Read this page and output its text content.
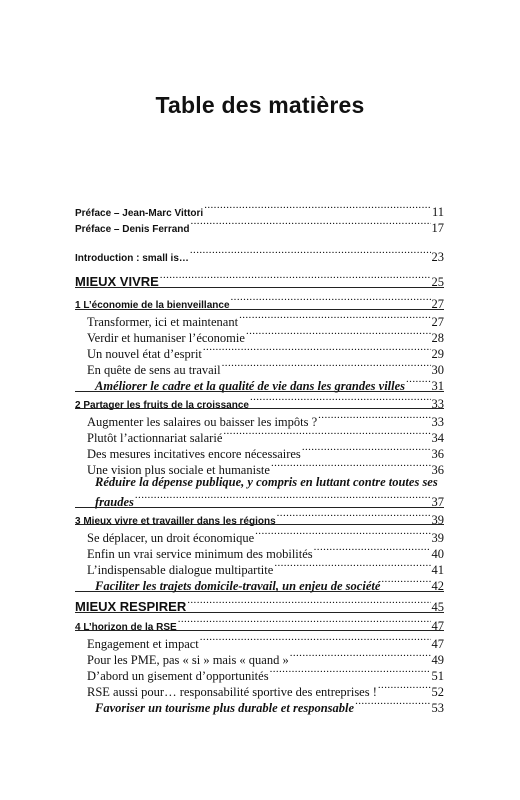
Table des matières
Préface – Jean-Marc Vittori .....	11
Préface – Denis Ferrand .....	17
Introduction : small is… .....	23
MIEUX VIVRE .....	25
1 L’économie de la bienveillance .....	27
Transformer, ici et maintenant .....	27
Verdir et humaniser l’économie .....	28
Un nouvel état d’esprit .....	29
En quête de sens au travail .....	30
Améliorer le cadre et la qualité de vie dans les grandes villes ..... 31
2 Partager les fruits de la croissance .....	33
Augmenter les salaires ou baisser les impôts ? .....	33
Plutôt l’actionnariat salarié .....	34
Des mesures incitatives encore nécessaires .....	36
Une vision plus sociale et humaniste .....	36
Réduire la dépense publique, y compris en luttant contre toutes ses
fraudes .....	37
3 Mieux vivre et travailler dans les régions .....	39
Se déplacer, un droit économique .....	39
Enfin un vrai service minimum des mobilités .....	40
L’indispensable dialogue multipartite .....	41
Faciliter les trajets domicile-travail, un enjeu de société .....	42
MIEUX RESPIRER .....	45
4 L’horizon de la RSE .....	47
Engagement et impact .....	47
Pour les PME, pas « si » mais « quand » .....	49
D’abord un gisement d’opportunités .....	51
RSE aussi pour… responsabilité sportive des entreprises ! .....	52
Favoriser un tourisme plus durable et responsable .....	53
